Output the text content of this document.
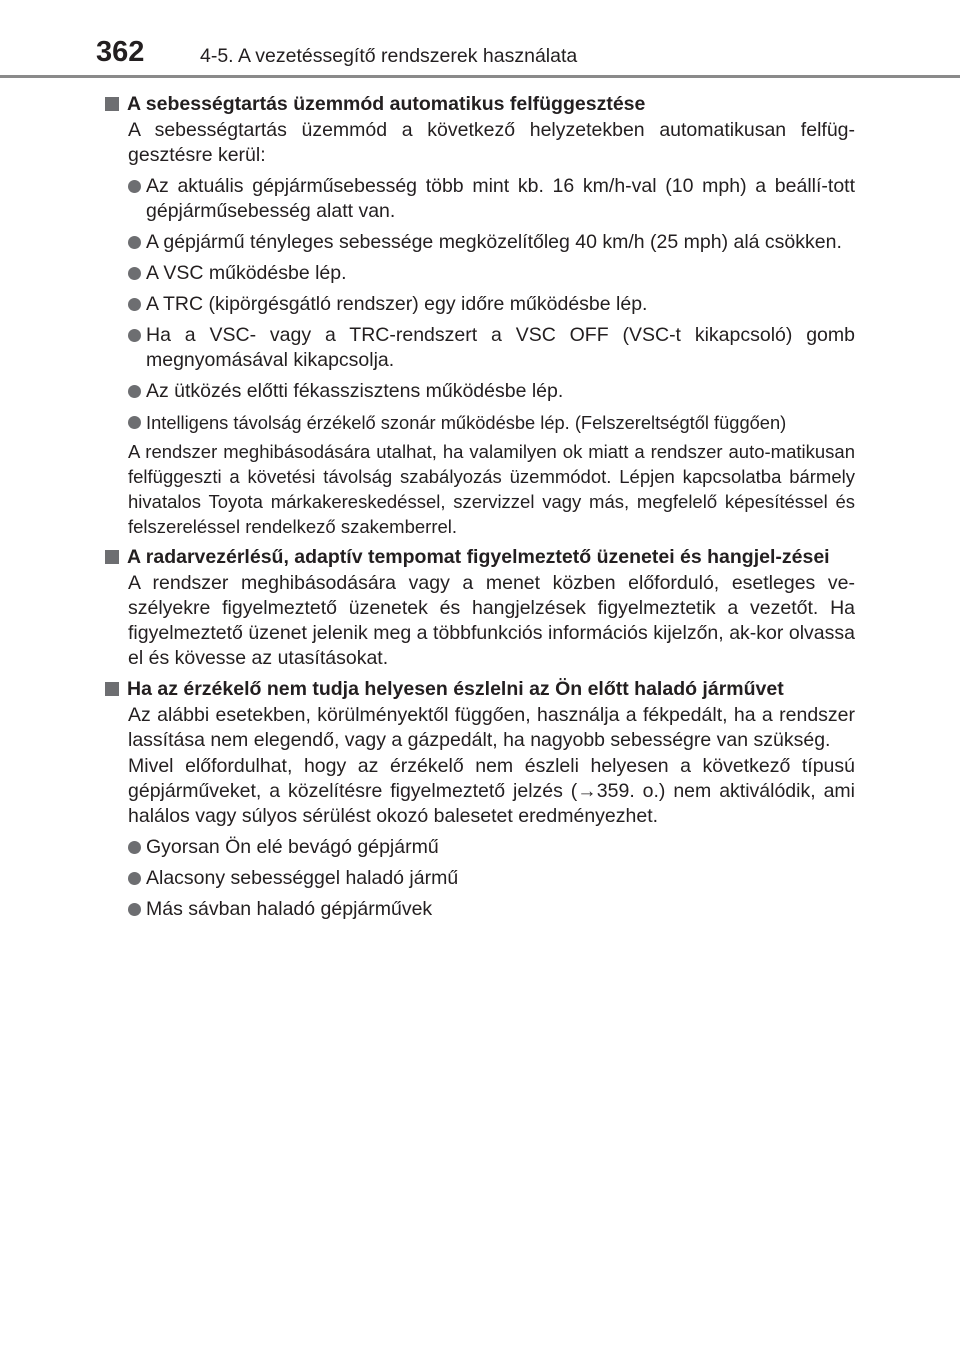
362	4-5. A vezetéssegítő rendszerek használata
A sebességtartás üzemmód automatikus felfüggesztése

A sebességtartás üzemmód a következő helyzetekben automatikusan felfüg-gesztésre kerül:

Az aktuális gépjárműsebesség több mint kb. 16 km/h-val (10 mph) a beállí-tott gépjárműsebesség alatt van.
A gépjármű tényleges sebessége megközelítőleg 40 km/h (25 mph) alá csökken.
A VSC működésbe lép.
A TRC (kipörgésgátló rendszer) egy időre működésbe lép.
Ha a VSC- vagy a TRC-rendszert a VSC OFF (VSC-t kikapcsoló) gomb megnyomásával kikapcsolja.
Az ütközés előtti fékasszisztens működésbe lép.
Intelligens távolság érzékelő szonár működésbe lép. (Felszereltségtől függően)

A rendszer meghibásodására utalhat, ha valamilyen ok miatt a rendszer auto-matikusan felfüggeszti a követési távolság szabályozás üzemmódot. Lépjen kapcsolatba bármely hivatalos Toyota márkakereskedéssel, szervizzel vagy más, megfelelő képesítéssel és felszereléssel rendelkező szakemberrel.

A radarvezérlésű, adaptív tempomat figyelmeztető üzenetei és hangjel-zései

A rendszer meghibásodására vagy a menet közben előforduló, esetleges ve-szélyekre figyelmeztető üzenetek és hangjelzések figyelmeztetik a vezetőt. Ha figyelmeztető üzenet jelenik meg a többfunkciós információs kijelzőn, ak-kor olvassa el és kövesse az utasításokat.

Ha az érzékelő nem tudja helyesen észlelni az Ön előtt haladó járművet

Az alábbi esetekben, körülményektől függően, használja a fékpedált, ha a rendszer lassítása nem elegendő, vagy a gázpedált, ha nagyobb sebességre van szükség.

Mivel előfordulhat, hogy az érzékelő nem észleli helyesen a következő típusú gépjárműveket, a közelítésre figyelmeztető jelzés (→359. o.) nem aktiválódik, ami halálos vagy súlyos sérülést okozó balesetet eredményezhet.

Gyorsan Ön elé bevágó gépjármű
Alacsony sebességgel haladó jármű
Más sávban haladó gépjárművek
